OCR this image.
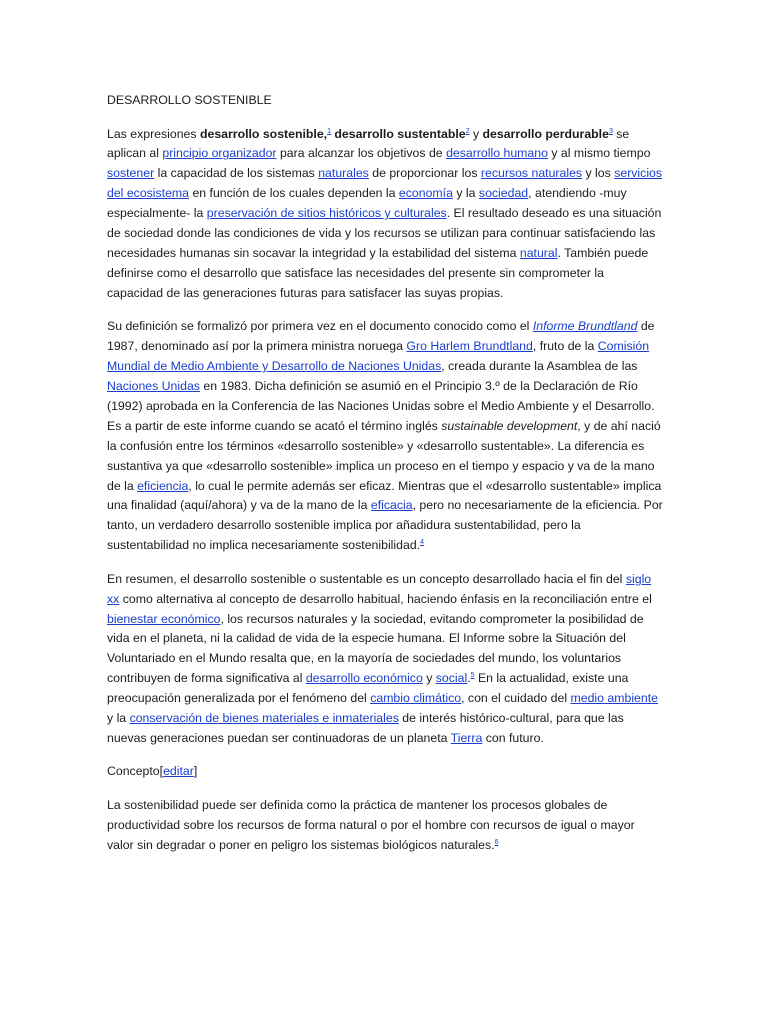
DESARROLLO SOSTENIBLE

Las expresiones desarrollo sostenible,$^1$ desarrollo sustentable$^2$ y desarrollo perdurable$^3$ se aplican al principio organizador para alcanzar los objetivos de desarrollo humano y al mismo tiempo sostener la capacidad de los sistemas naturales de proporcionar los recursos naturales y los servicios del ecosistema en función de los cuales dependen la economía y la sociedad, atendiendo -muy especialmente- la preservación de sitios históricos y culturales. El resultado deseado es una situación de sociedad donde las condiciones de vida y los recursos se utilizan para continuar satisfaciendo las necesidades humanas sin socavar la integridad y la estabilidad del sistema natural. También puede definirse como el desarrollo que satisface las necesidades del presente sin comprometer la capacidad de las generaciones futuras para satisfacer las suyas propias.

Su definición se formalizó por primera vez en el documento conocido como el Informe Brundtland de 1987, denominado así por la primera ministra noruega Gro Harlem Brundtland, fruto de la Comisión Mundial de Medio Ambiente y Desarrollo de Naciones Unidas, creada durante la Asamblea de las Naciones Unidas en 1983. Dicha definición se asumió en el Principio 3.º de la Declaración de Río (1992) aprobada en la Conferencia de las Naciones Unidas sobre el Medio Ambiente y el Desarrollo. Es a partir de este informe cuando se acató el término inglés sustainable development, y de ahí nació la confusión entre los términos «desarrollo sostenible» y «desarrollo sustentable». La diferencia es sustantiva ya que «desarrollo sostenible» implica un proceso en el tiempo y espacio y va de la mano de la eficiencia, lo cual le permite además ser eficaz. Mientras que el «desarrollo sustentable» implica una finalidad (aquí/ahora) y va de la mano de la eficacia, pero no necesariamente de la eficiencia. Por tanto, un verdadero desarrollo sostenible implica por añadidura sustentabilidad, pero la sustentabilidad no implica necesariamente sostenibilidad.$^4$

En resumen, el desarrollo sostenible o sustentable es un concepto desarrollado hacia el fin del siglo xx como alternativa al concepto de desarrollo habitual, haciendo énfasis en la reconciliación entre el bienestar económico, los recursos naturales y la sociedad, evitando comprometer la posibilidad de vida en el planeta, ni la calidad de vida de la especie humana. El Informe sobre la Situación del Voluntariado en el Mundo resalta que, en la mayoría de sociedades del mundo, los voluntarios contribuyen de forma significativa al desarrollo económico y social.$^5$ En la actualidad, existe una preocupación generalizada por el fenómeno del cambio climático, con el cuidado del medio ambiente y la conservación de bienes materiales e inmateriales de interés histórico-cultural, para que las nuevas generaciones puedan ser continuadoras de un planeta Tierra con futuro.

Concepto[editar]

La sostenibilidad puede ser definida como la práctica de mantener los procesos globales de productividad sobre los recursos de forma natural o por el hombre con recursos de igual o mayor valor sin degradar o poner en peligro los sistemas biológicos naturales.$^6$
